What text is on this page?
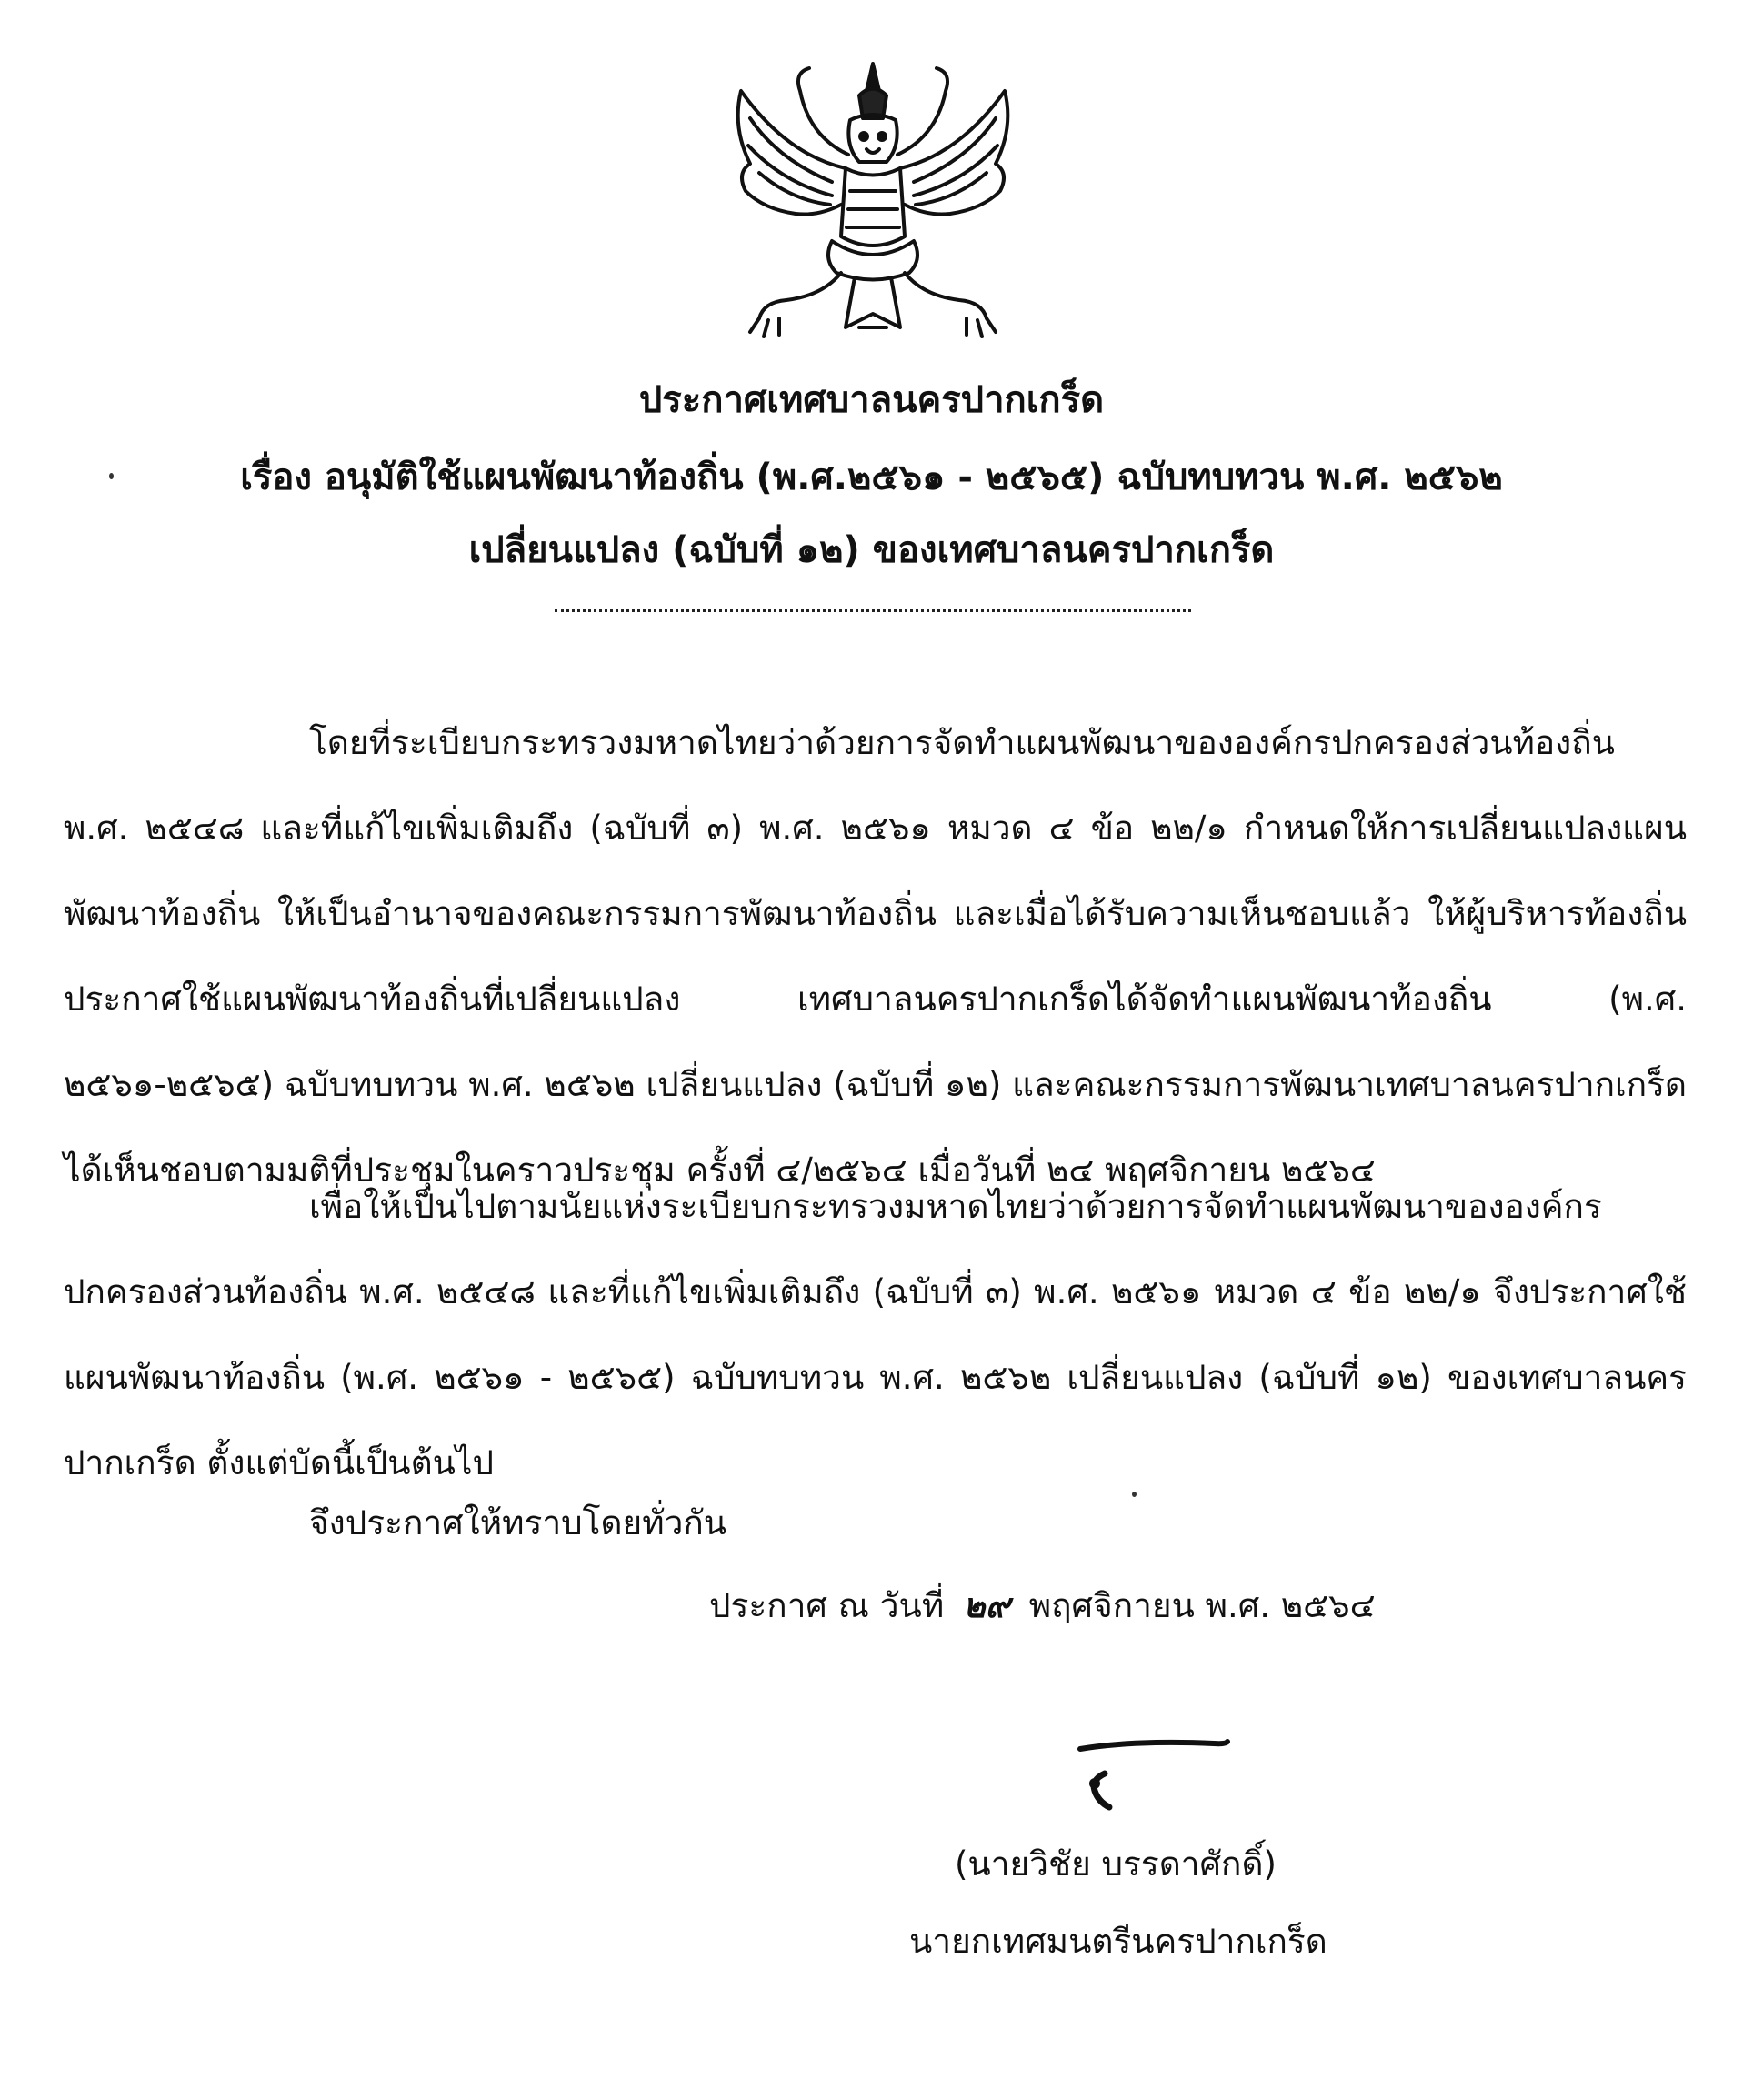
ประกาศเทศบาลนครปากเกร็ด
เรื่อง อนุมัติใช้แผนพัฒนาท้องถิ่น (พ.ศ.๒๕๖๑ - ๒๕๖๕) ฉบับทบทวน พ.ศ. ๒๕๖๒
เปลี่ยนแปลง (ฉบับที่ ๑๒) ของเทศบาลนครปากเกร็ด

โดยที่ระเบียบกระทรวงมหาดไทยว่าด้วยการจัดทำแผนพัฒนาขององค์กรปกครองส่วนท้องถิ่น พ.ศ. ๒๕๔๘ และที่แก้ไขเพิ่มเติมถึง (ฉบับที่ ๓) พ.ศ. ๒๕๖๑ หมวด ๔ ข้อ ๒๒/๑ กำหนดให้การเปลี่ยนแปลงแผนพัฒนาท้องถิ่น ให้เป็นอำนาจของคณะกรรมการพัฒนาท้องถิ่น และเมื่อได้รับความเห็นชอบแล้ว ให้ผู้บริหารท้องถิ่นประกาศใช้แผนพัฒนาท้องถิ่นที่เปลี่ยนแปลง เทศบาลนครปากเกร็ดได้จัดทำแผนพัฒนาท้องถิ่น (พ.ศ. ๒๕๖๑-๒๕๖๕) ฉบับทบทวน พ.ศ. ๒๕๖๒ เปลี่ยนแปลง (ฉบับที่ ๑๒) และคณะกรรมการพัฒนาเทศบาลนครปากเกร็ดได้เห็นชอบตามมติที่ประชุมในคราวประชุม ครั้งที่ ๔/๒๕๖๔ เมื่อวันที่ ๒๔ พฤศจิกายน ๒๕๖๔

เพื่อให้เป็นไปตามนัยแห่งระเบียบกระทรวงมหาดไทยว่าด้วยการจัดทำแผนพัฒนาขององค์กรปกครองส่วนท้องถิ่น พ.ศ. ๒๕๔๘ และที่แก้ไขเพิ่มเติมถึง (ฉบับที่ ๓) พ.ศ. ๒๕๖๑ หมวด ๔ ข้อ ๒๒/๑ จึงประกาศใช้แผนพัฒนาท้องถิ่น (พ.ศ. ๒๕๖๑ - ๒๕๖๕) ฉบับทบทวน พ.ศ. ๒๕๖๒ เปลี่ยนแปลง (ฉบับที่ ๑๒) ของเทศบาลนครปากเกร็ด ตั้งแต่บัดนี้เป็นต้นไป

จึงประกาศให้ทราบโดยทั่วกัน
ประกาศ ณ วันที่ ๒๙ พฤศจิกายน พ.ศ. ๒๕๖๔
(นายวิชัย บรรดาศักดิ์)
นายกเทศมนตรีนครปากเกร็ด
